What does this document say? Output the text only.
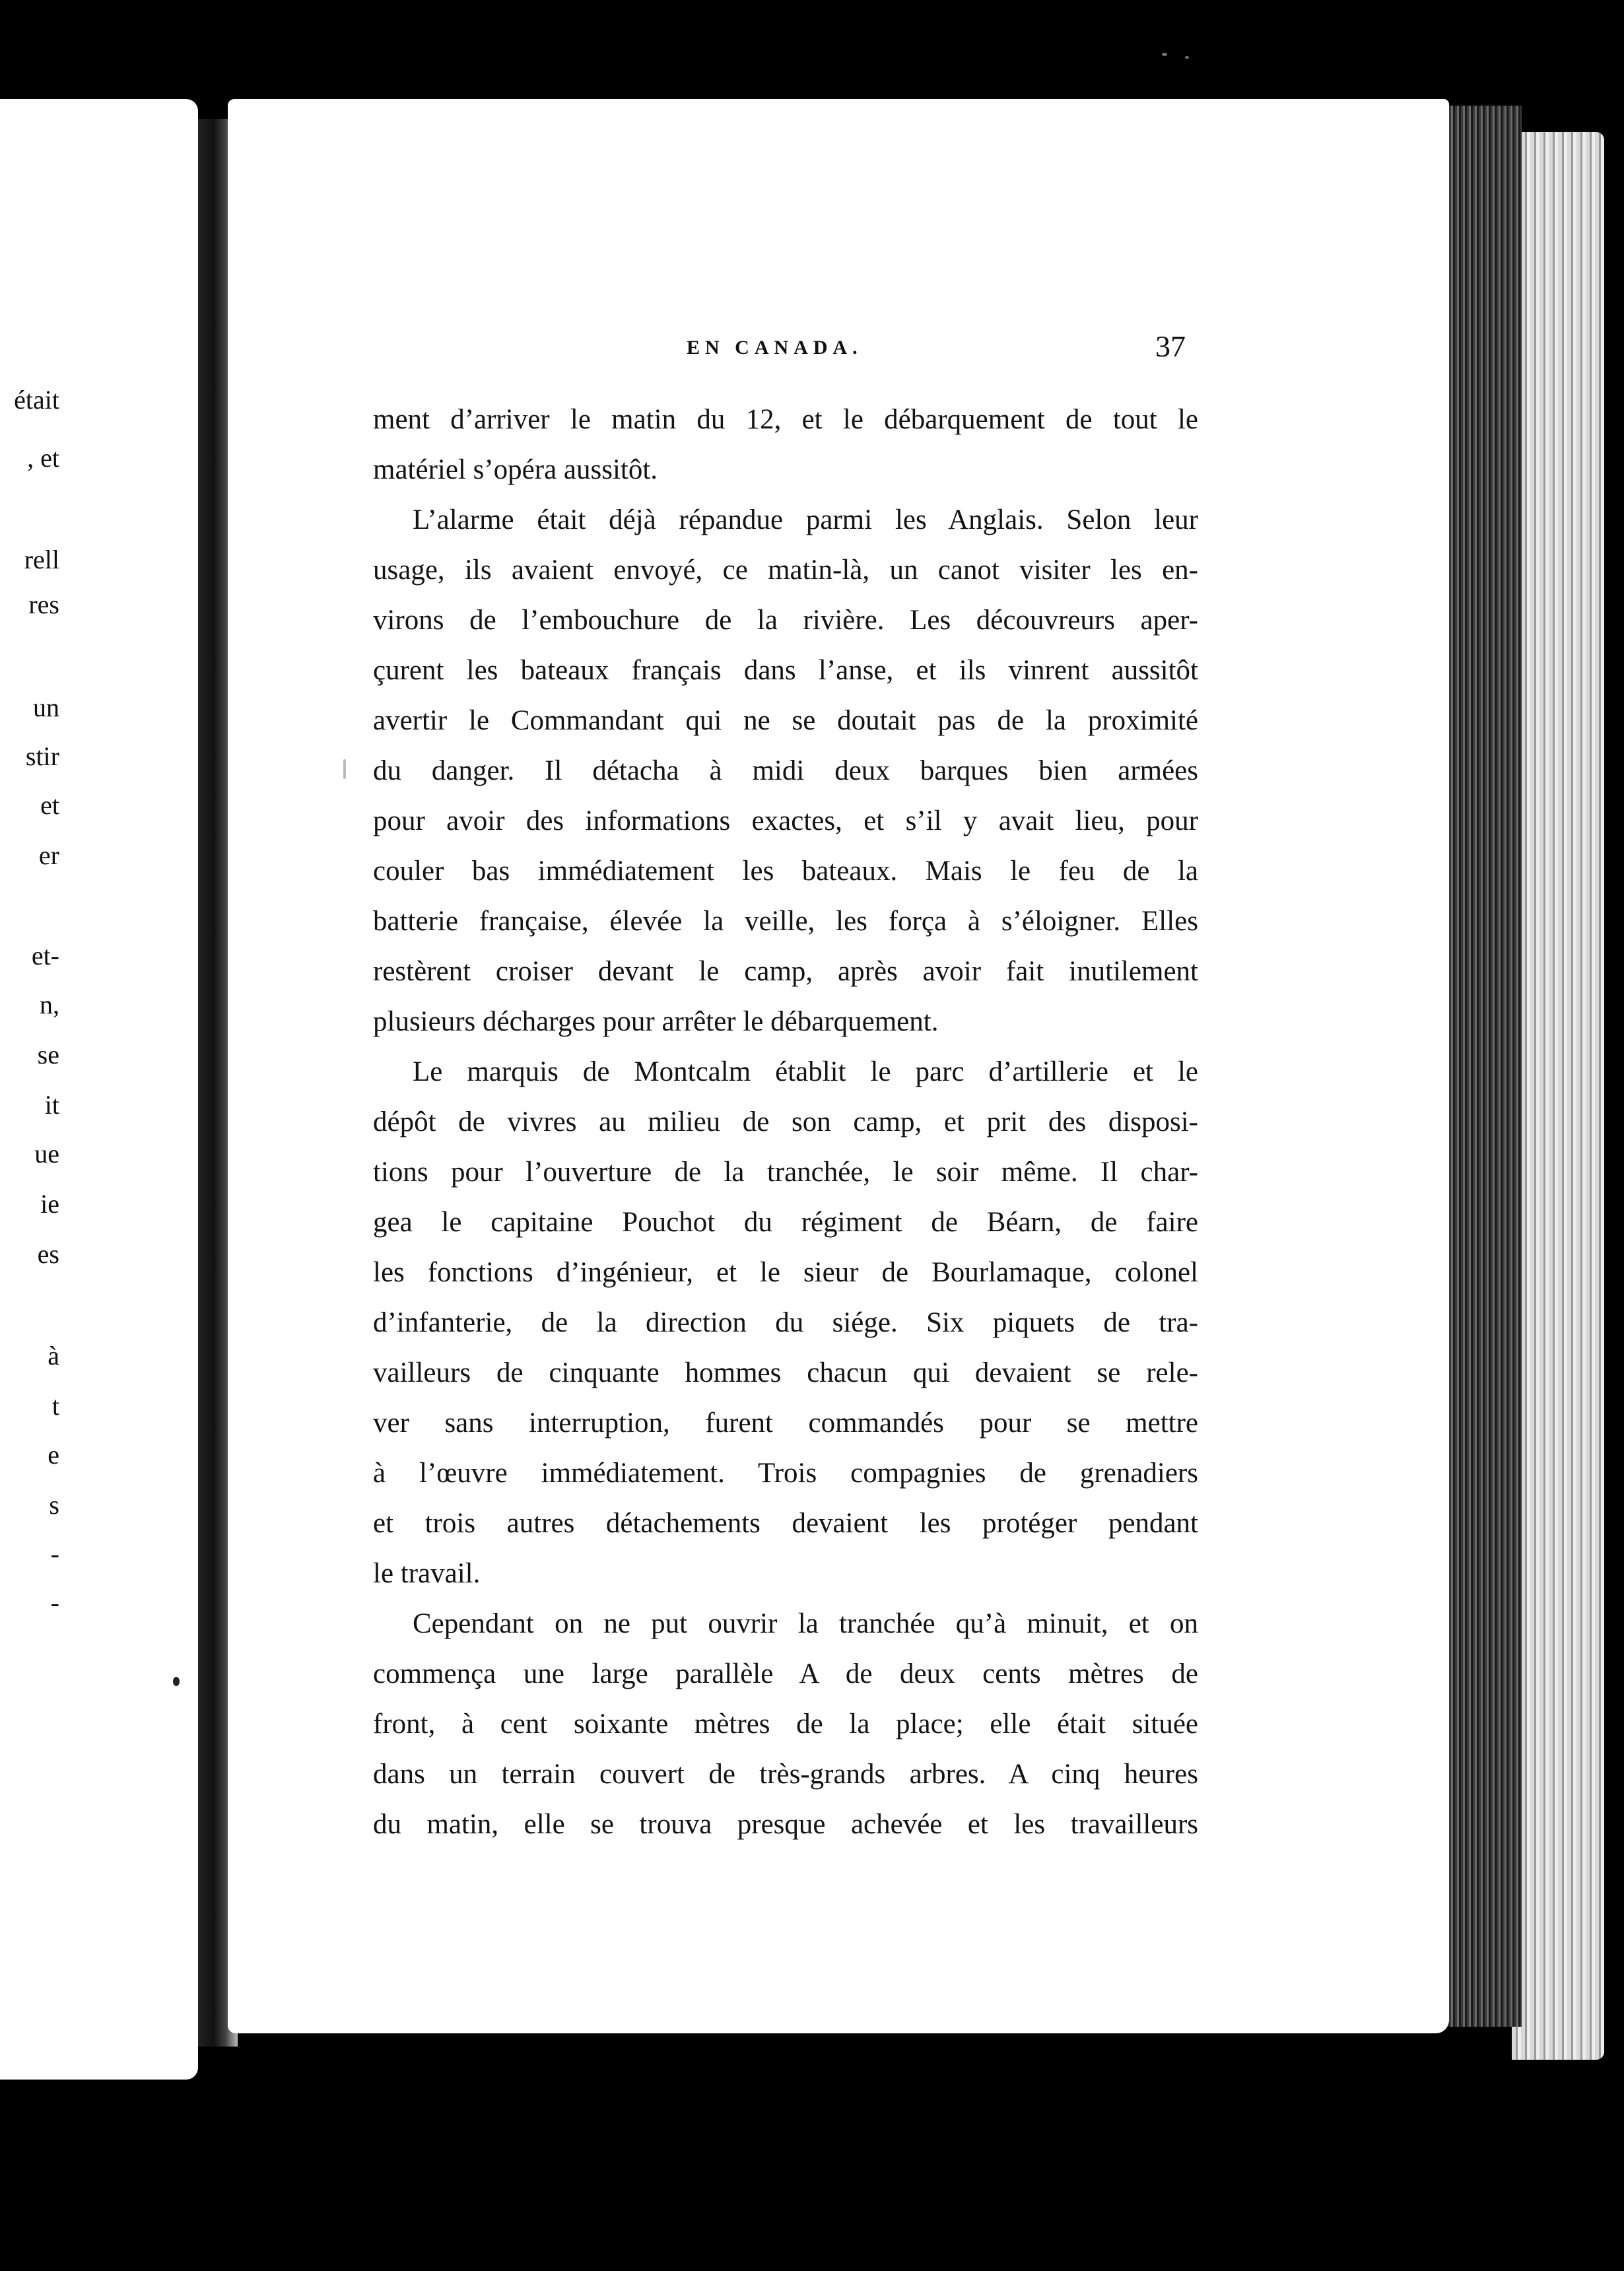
était
, et
rell
res
un
stir
et
er
et-
n,
se
it
ue
ie
es
à
t
e
s
-
-
EN CANADA.	37
ment d’arriver le matin du 12, et le débarquement de tout le
matériel s’opéra aussitôt.
L’alarme était déjà répandue parmi les Anglais. Selon leur
usage, ils avaient envoyé, ce matin-là, un canot visiter les en-
virons de l’embouchure de la rivière. Les découvreurs aper-
çurent les bateaux français dans l’anse, et ils vinrent aussitôt
avertir le Commandant qui ne se doutait pas de la proximité
du danger. Il détacha à midi deux barques bien armées
pour avoir des informations exactes, et s’il y avait lieu, pour
couler bas immédiatement les bateaux. Mais le feu de la
batterie française, élevée la veille, les força à s’éloigner. Elles
restèrent croiser devant le camp, après avoir fait inutilement
plusieurs décharges pour arrêter le débarquement.
Le marquis de Montcalm établit le parc d’artillerie et le
dépôt de vivres au milieu de son camp, et prit des disposi-
tions pour l’ouverture de la tranchée, le soir même. Il char-
gea le capitaine Pouchot du régiment de Béarn, de faire
les fonctions d’ingénieur, et le sieur de Bourlamaque, colonel
d’infanterie, de la direction du siége. Six piquets de tra-
vailleurs de cinquante hommes chacun qui devaient se rele-
ver sans interruption, furent commandés pour se mettre
à l’œuvre immédiatement. Trois compagnies de grenadiers
et trois autres détachements devaient les protéger pendant
le travail.
Cependant on ne put ouvrir la tranchée qu’à minuit, et on
commença une large parallèle A de deux cents mètres de
front, à cent soixante mètres de la place; elle était située
dans un terrain couvert de très-grands arbres. A cinq heures
du matin, elle se trouva presque achevée et les travailleurs
